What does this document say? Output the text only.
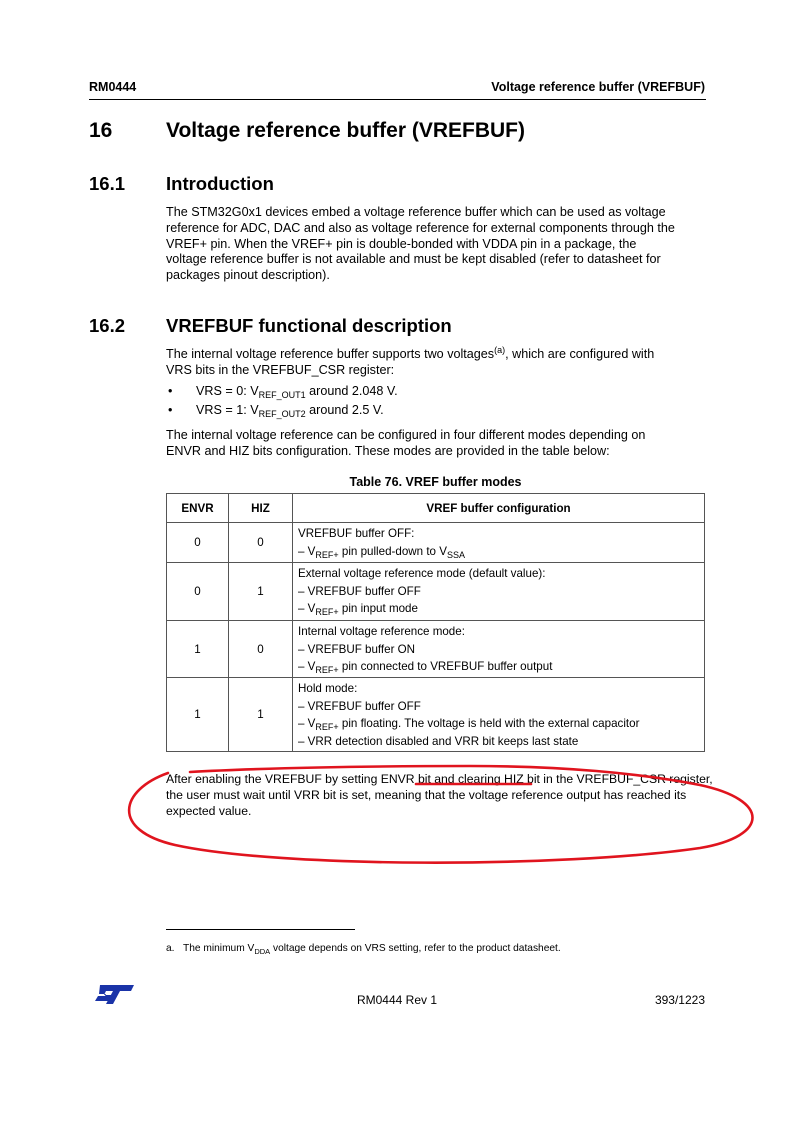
RM0444	Voltage reference buffer (VREFBUF)
16	Voltage reference buffer (VREFBUF)
16.1 Introduction
The STM32G0x1 devices embed a voltage reference buffer which can be used as voltage
reference for ADC, DAC and also as voltage reference for external components through the
VREF+ pin. When the VREF+ pin is double-bonded with VDDA pin in a package, the
voltage reference buffer is not available and must be kept disabled (refer to datasheet for
packages pinout description).
16.2 VREFBUF functional description
The internal voltage reference buffer supports two voltages$^{(a)}$, which are configured with
VRS bits in the VREFBUF_CSR register:
• VRS = 0: $V_{REF\_OUT1}$ around 2.048 V.
• VRS = 1: $V_{REF\_OUT2}$ around 2.5 V.
The internal voltage reference can be configured in four different modes depending on
ENVR and HIZ bits configuration. These modes are provided in the table below:
Table 76. VREF buffer modes
ENVR	HIZ	VREF buffer configuration
0	0	VREFBUF buffer OFF:
– $V_{REF+}$ pin pulled-down to $V_{SSA}$

0	1	External voltage reference mode (default value):
– VREFBUF buffer OFF
– $V_{REF+}$ pin input mode

1	0	Internal voltage reference mode:
– VREFBUF buffer ON
– $V_{REF+}$ pin connected to VREFBUF buffer output

1	1	Hold mode:
– VREFBUF buffer OFF
– $V_{REF+}$ pin floating. The voltage is held with the external capacitor
– VRR detection disabled and VRR bit keeps last state
After enabling the VREFBUF by setting ENVR bit and clearing HIZ bit in the VREFBUF_CSR register,
the user must wait until VRR bit is set, meaning that the voltage reference output has reached its
expected value.
a. The minimum $V_{DDA}$ voltage depends on VRS setting, refer to the product datasheet.
RM0444 Rev 1	393/1223
